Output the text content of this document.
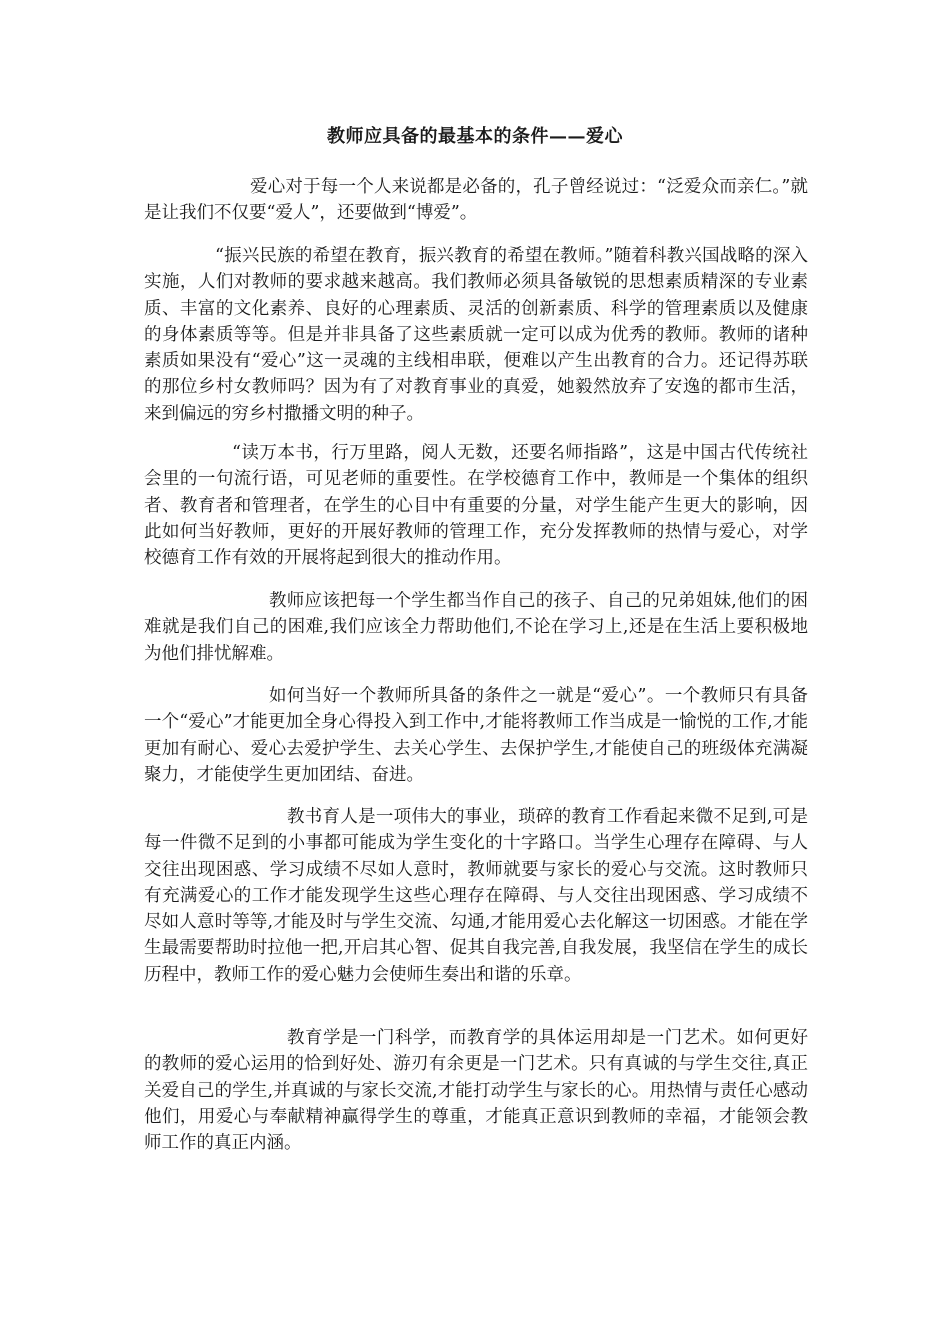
教师应具备的最基本的条件——爱心

爱心对于每一个人来说都是必备的，孔子曾经说过：“泛爱众而亲仁。”就是让我们不仅要“爱人”，还要做到“博爱”。

“振兴民族的希望在教育，振兴教育的希望在教师。”随着科教兴国战略的深入实施，人们对教师的要求越来越高。我们教师必须具备敏锐的思想素质精深的专业素质、丰富的文化素养、良好的心理素质、灵活的创新素质、科学的管理素质以及健康的身体素质等等。但是并非具备了这些素质就一定可以成为优秀的教师。教师的诸种素质如果没有“爱心”这一灵魂的主线相串联，便难以产生出教育的合力。还记得苏联的那位乡村女教师吗？因为有了对教育事业的真爱，她毅然放弃了安逸的都市生活，来到偏远的穷乡村撒播文明的种子。

“读万本书，行万里路，阅人无数，还要名师指路”，这是中国古代传统社会里的一句流行语，可见老师的重要性。在学校德育工作中，教师是一个集体的组织者、教育者和管理者，在学生的心目中有重要的分量，对学生能产生更大的影响，因此如何当好教师，更好的开展好教师的管理工作，充分发挥教师的热情与爱心，对学校德育工作有效的开展将起到很大的推动作用。

教师应该把每一个学生都当作自己的孩子、自己的兄弟姐妹,他们的困难就是我们自己的困难,我们应该全力帮助他们,不论在学习上,还是在生活上要积极地为他们排忧解难。

如何当好一个教师所具备的条件之一就是“爱心”。一个教师只有具备一个“爱心”才能更加全身心得投入到工作中,才能将教师工作当成是一愉悦的工作,才能更加有耐心、爱心去爱护学生、去关心学生、去保护学生,才能使自己的班级体充满凝聚力，才能使学生更加团结、奋进。

教书育人是一项伟大的事业，琐碎的教育工作看起来微不足到,可是每一件微不足到的小事都可能成为学生变化的十字路口。当学生心理存在障碍、与人交往出现困惑、学习成绩不尽如人意时，教师就要与家长的爱心与交流。这时教师只有充满爱心的工作才能发现学生这些心理存在障碍、与人交往出现困惑、学习成绩不尽如人意时等等,才能及时与学生交流、勾通,才能用爱心去化解这一切困惑。才能在学生最需要帮助时拉他一把,开启其心智、促其自我完善,自我发展，我坚信在学生的成长历程中，教师工作的爱心魅力会使师生奏出和谐的乐章。

教育学是一门科学，而教育学的具体运用却是一门艺术。如何更好的教师的爱心运用的恰到好处、游刃有余更是一门艺术。只有真诚的与学生交往,真正关爱自己的学生,并真诚的与家长交流,才能打动学生与家长的心。用热情与责任心感动他们，用爱心与奉献精神赢得学生的尊重，才能真正意识到教师的幸福，才能领会教师工作的真正内涵。
